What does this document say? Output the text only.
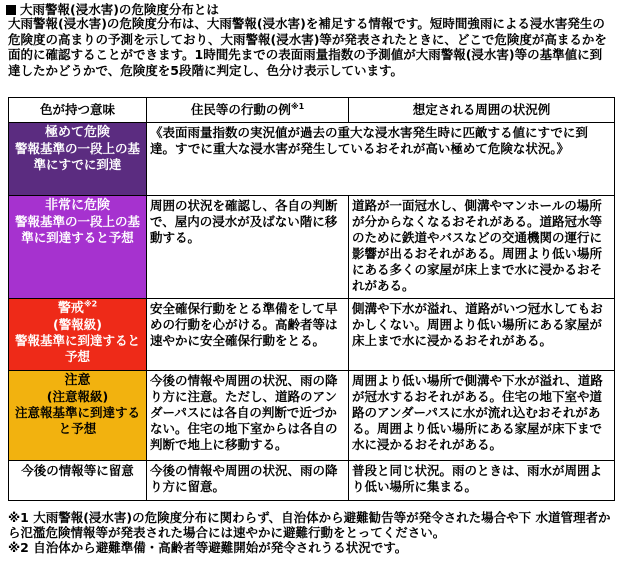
大雨警報(浸水害)の危険度分布とは
大雨警報(浸水害)の危険度分布は、大雨警報(浸水害)を補足する情報です。短時間強雨による浸水害発生の危険度の高まりの予測を示しており、大雨警報(浸水害)等が発表されたときに、どこで危険度が高まるかを面的に確認することができます。1時間先までの表面雨量指数の予測値が大雨警報(浸水害)等の基準値に到達したかどうかで、危険度を5段階に判定し、色分け表示しています。
色が持つ意味	住民等の行動の例$^{※1}$	想定される周囲の状況例

極めて危険
警報基準の一段上の基準にすでに到達	《表面雨量指数の実況値が過去の重大な浸水害発生時に匹敵する値にすでに到達。すでに重大な浸水害が発生しているおそれが高い極めて危険な状況。》	

非常に危険
警報基準の一段上の基準に到達すると予想	周囲の状況を確認し、各自の判断で、屋内の浸水が及ばない階に移動する。	道路が一面冠水し、側溝やマンホールの場所が分からなくなるおそれがある。道路冠水等のために鉄道やバスなどの交通機関の運行に影響が出るおそれがある。周囲より低い場所にある多くの家屋が床上まで水に浸かるおそれがある。

警戒$^{※2}$
(警報級)
警報基準に到達すると予想	安全確保行動をとる準備をして早めの行動を心がける。高齢者等は速やかに安全確保行動をとる。	側溝や下水が溢れ、道路がいつ冠水してもおかしくない。周囲より低い場所にある家屋が床上まで水に浸かるおそれがある。

注意
(注意報級)
注意報基準に到達すると予想	今後の情報や周囲の状況、雨の降り方に注意。ただし、道路のアンダーパスには各自の判断で近づかない。住宅の地下室からは各自の判断で地上に移動する。	周囲より低い場所で側溝や下水が溢れ、道路が冠水するおそれがある。住宅の地下室や道路のアンダーパスに水が流れ込むおそれがある。周囲より低い場所にある家屋が床下まで水に浸かるおそれがある。

今後の情報等に留意	今後の情報や周囲の状況、雨の降り方に留意。	普段と同じ状況。雨のときは、雨水が周囲より低い場所に集まる。
※1 大雨警報(浸水害)の危険度分布に関わらず、自治体から避難勧告等が発令された場合や下 水道管理者から氾濫危険情報等が発表された場合には速やかに避難行動をとってください。
※2 自治体から避難準備・高齢者等避難開始が発令されうる状況です。
